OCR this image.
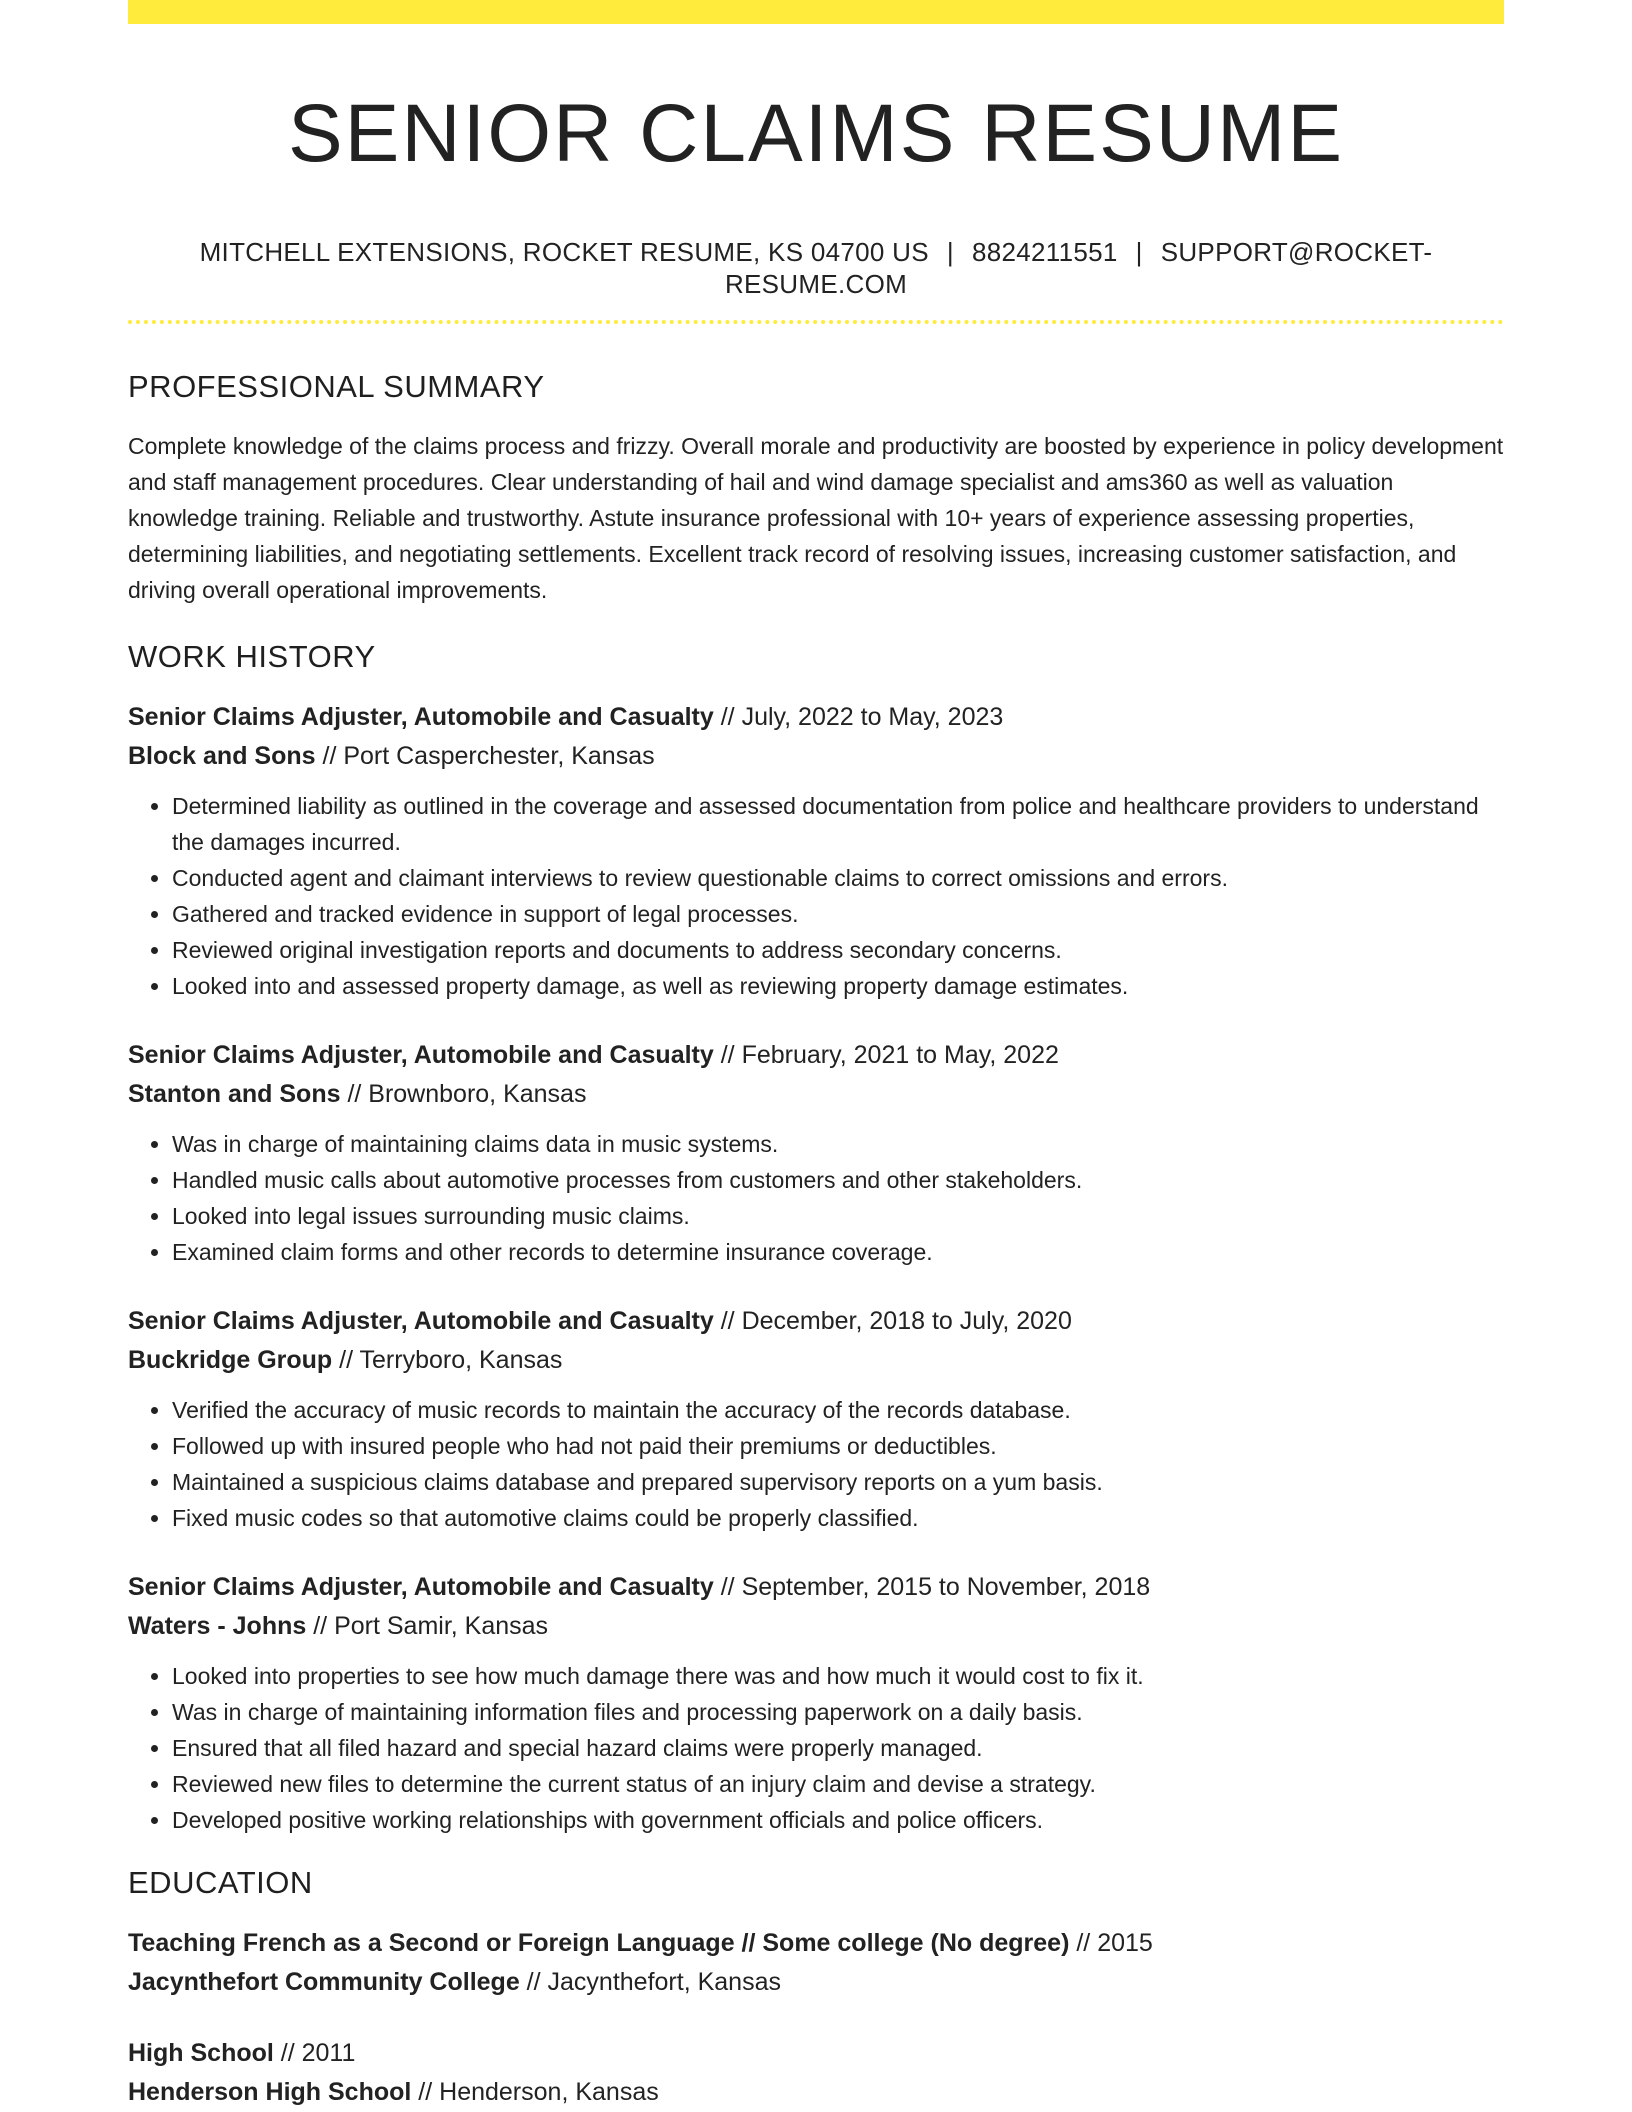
SENIOR CLAIMS RESUME
MITCHELL EXTENSIONS, ROCKET RESUME, KS 04700 US | 8824211551 | SUPPORT@ROCKET-RESUME.COM
PROFESSIONAL SUMMARY

Complete knowledge of the claims process and frizzy. Overall morale and productivity are boosted by experience in policy development and staff management procedures. Clear understanding of hail and wind damage specialist and ams360 as well as valuation knowledge training. Reliable and trustworthy. Astute insurance professional with 10+ years of experience assessing properties, determining liabilities, and negotiating settlements. Excellent track record of resolving issues, increasing customer satisfaction, and driving overall operational improvements.

WORK HISTORY

Senior Claims Adjuster, Automobile and Casualty // July, 2022 to May, 2023

Block and Sons // Port Casperchester, Kansas

• Determined liability as outlined in the coverage and assessed documentation from police and healthcare providers to understand the damages incurred.
• Conducted agent and claimant interviews to review questionable claims to correct omissions and errors.
• Gathered and tracked evidence in support of legal processes.
• Reviewed original investigation reports and documents to address secondary concerns.
• Looked into and assessed property damage, as well as reviewing property damage estimates.

Senior Claims Adjuster, Automobile and Casualty // February, 2021 to May, 2022

Stanton and Sons // Brownboro, Kansas

• Was in charge of maintaining claims data in music systems.
• Handled music calls about automotive processes from customers and other stakeholders.
• Looked into legal issues surrounding music claims.
• Examined claim forms and other records to determine insurance coverage.

Senior Claims Adjuster, Automobile and Casualty // December, 2018 to July, 2020

Buckridge Group // Terryboro, Kansas

• Verified the accuracy of music records to maintain the accuracy of the records database.
• Followed up with insured people who had not paid their premiums or deductibles.
• Maintained a suspicious claims database and prepared supervisory reports on a yum basis.
• Fixed music codes so that automotive claims could be properly classified.

Senior Claims Adjuster, Automobile and Casualty // September, 2015 to November, 2018

Waters - Johns // Port Samir, Kansas

• Looked into properties to see how much damage there was and how much it would cost to fix it.
• Was in charge of maintaining information files and processing paperwork on a daily basis.
• Ensured that all filed hazard and special hazard claims were properly managed.
• Reviewed new files to determine the current status of an injury claim and devise a strategy.
• Developed positive working relationships with government officials and police officers.
EDUCATION

Teaching French as a Second or Foreign Language // Some college (No degree) // 2015

Jacynthefort Community College // Jacynthefort, Kansas

High School // 2011

Henderson High School // Henderson, Kansas
